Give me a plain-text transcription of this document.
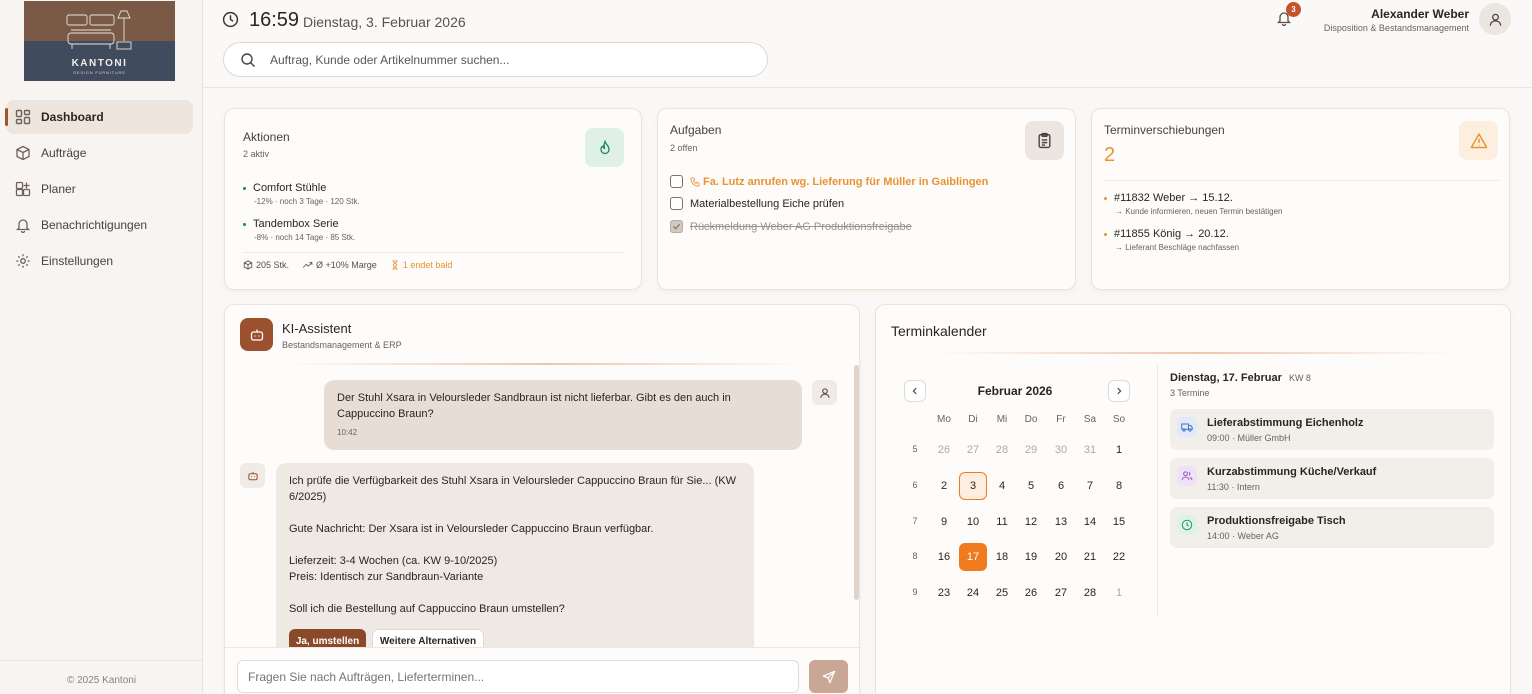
KANTONI
DESIGN FURNITURE
Dashboard
Aufträge
Planer
Benachrichtigungen
Einstellungen
© 2025 Kantoni
16:59 Dienstag, 3. Februar 2026
Auftrag, Kunde oder Artikelnummer suchen...
3	Alexander Weber
Disposition & Bestandsmanagement
Aktionen
2 aktiv
Comfort Stühle
-12% · noch 3 Tage · 120 Stk.
Tandembox Serie
-8% · noch 14 Tage · 85 Stk.
205 Stk.	Ø +10% Marge	1 endet bald
Aufgaben
2 offen
Fa. Lutz anrufen wg. Lieferung für Müller in Gaiblingen
Materialbestellung Eiche prüfen
Rückmeldung Weber AG Produktionsfreigabe
Terminverschiebungen
2
#11832 Weber → 15.12.
→ Kunde informieren, neuen Termin bestätigen
#11855 König → 20.12.
→ Lieferant Beschläge nachfassen
KI-Assistent
Bestandsmanagement & ERP
Der Stuhl Xsara in Veloursleder Sandbraun ist nicht lieferbar. Gibt es den auch in Cappuccino Braun?
10:42
Ich prüfe die Verfügbarkeit des Stuhl Xsara in Veloursleder Cappuccino Braun für Sie... (KW 6/2025)
Gute Nachricht: Der Xsara ist in Veloursleder Cappuccino Braun verfügbar.
Lieferzeit: 3-4 Wochen (ca. KW 9-10/2025)
Preis: Identisch zur Sandbraun-Variante
Soll ich die Bestellung auf Cappuccino Braun umstellen?
Ja, umstellen	Weitere Alternativen
Fragen Sie nach Aufträgen, Lieferterminen...
Terminkalender
Februar 2026
Mo	Di	Mi	Do	Fr	Sa	So
5	26	27	28	29	30	31	1
6	2	3	4	5	6	7	8
7	9	10	11	12	13	14	15
8	16	17	18	19	20	21	22
9	23	24	25	26	27	28	1
Dienstag, 17. Februar KW 8
3 Termine
Lieferabstimmung Eichenholz
09:00 · Müller GmbH
Kurzabstimmung Küche/Verkauf
11:30 · Intern
Produktionsfreigabe Tisch
14:00 · Weber AG
